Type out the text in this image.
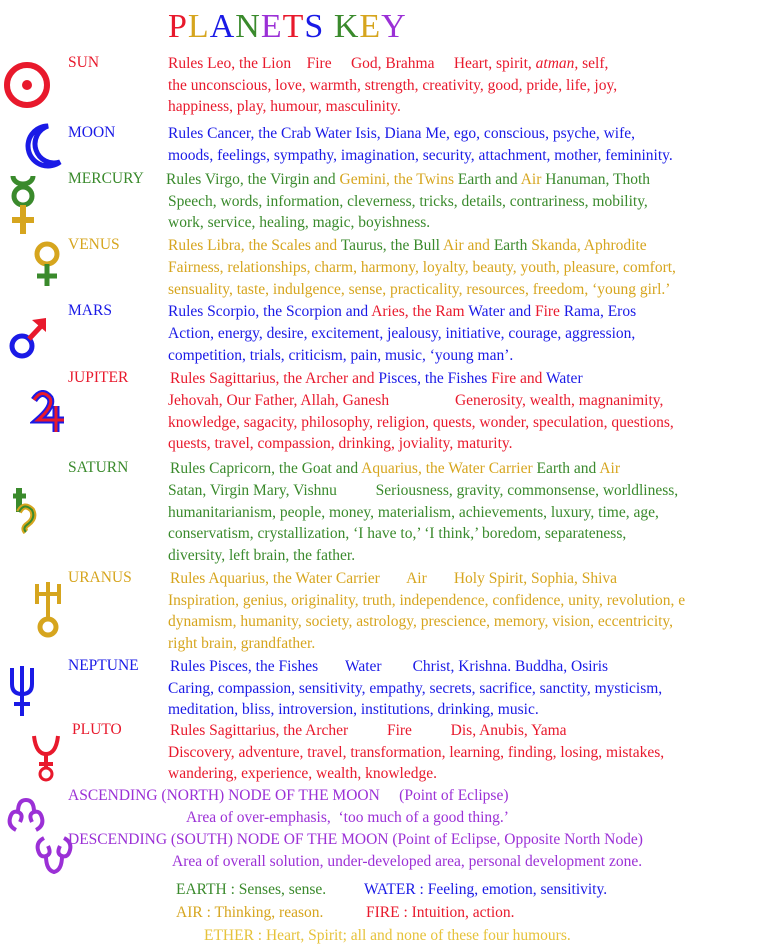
PLANETS KEY
SUN	Rules Leo, the Lion    Fire     God, Brahma     Heart, spirit, atman, self,
the unconscious, love, warmth, strength, creativity, good, pride, life, joy,
happiness, play, humour, masculinity.
MOON	Rules Cancer, the Crab Water Isis, Diana Me, ego, conscious, psyche, wife,
moods, feelings, sympathy, imagination, security, attachment, mother, femininity.
MERCURY Rules Virgo, the Virgin and Gemini, the Twins Earth and Air Hanuman, Thoth
Speech, words, information, cleverness, tricks, details, contrariness, mobility,
work, service, healing, magic, boyishness.
VENUS	Rules Libra, the Scales and Taurus, the Bull Air and Earth Skanda, Aphrodite
Fairness, relationships, charm, harmony, loyalty, beauty, youth, pleasure, comfort,
sensuality, taste, indulgence, sense, practicality, resources, freedom, ‘young girl.’
MARS	Rules Scorpio, the Scorpion and Aries, the Ram Water and Fire Rama, Eros
Action, energy, desire, excitement, jealousy, initiative, courage, aggression,
competition, trials, criticism, pain, music, ‘young man’.
JUPITER	Rules Sagittarius, the Archer and Pisces, the Fishes Fire and Water
Jehovah, Our Father, Allah, Ganesh                 Generosity, wealth, magnanimity,
knowledge, sagacity, philosophy, religion, quests, wonder, speculation, questions,
quests, travel, compassion, drinking, joviality, maturity.
SATURN	Rules Capricorn, the Goat and Aquarius, the Water Carrier Earth and Air
Satan, Virgin Mary, Vishnu          Seriousness, gravity, commonsense, worldliness,
humanitarianism, people, money, materialism, achievements, luxury, time, age,
conservatism, crystallization, ‘I have to,’ ‘I think,’ boredom, separateness,
diversity, left brain, the father.
URANUS Rules Aquarius, the Water Carrier       Air       Holy Spirit, Sophia, Shiva
Inspiration, genius, originality, truth, independence, confidence, unity, revolution, e
dynamism, humanity, society, astrology, prescience, memory, vision, eccentricity,
right brain, grandfather.
NEPTUNE Rules Pisces, the Fishes       Water        Christ, Krishna. Buddha, Osiris
Caring, compassion, sensitivity, empathy, secrets, sacrifice, sanctity, mysticism,
meditation, bliss, introversion, institutions, drinking, music.
PLUTO	Rules Sagittarius, the Archer          Fire          Dis, Anubis, Yama
Discovery, adventure, travel, transformation, learning, finding, losing, mistakes,
wandering, experience, wealth, knowledge.
ASCENDING (NORTH) NODE OF THE MOON     (Point of Eclipse)
Area of over-emphasis,  ‘too much of a good thing.’
DESCENDING (SOUTH) NODE OF THE MOON (Point of Eclipse, Opposite North Node)
Area of overall solution, under-developed area, personal development zone.
EARTH : Senses, sense. WATER : Feeling, emotion, sensitivity.
AIR : Thinking, reason.	FIRE : Intuition, action.
ETHER : Heart, Spirit; all and none of these four humours.
